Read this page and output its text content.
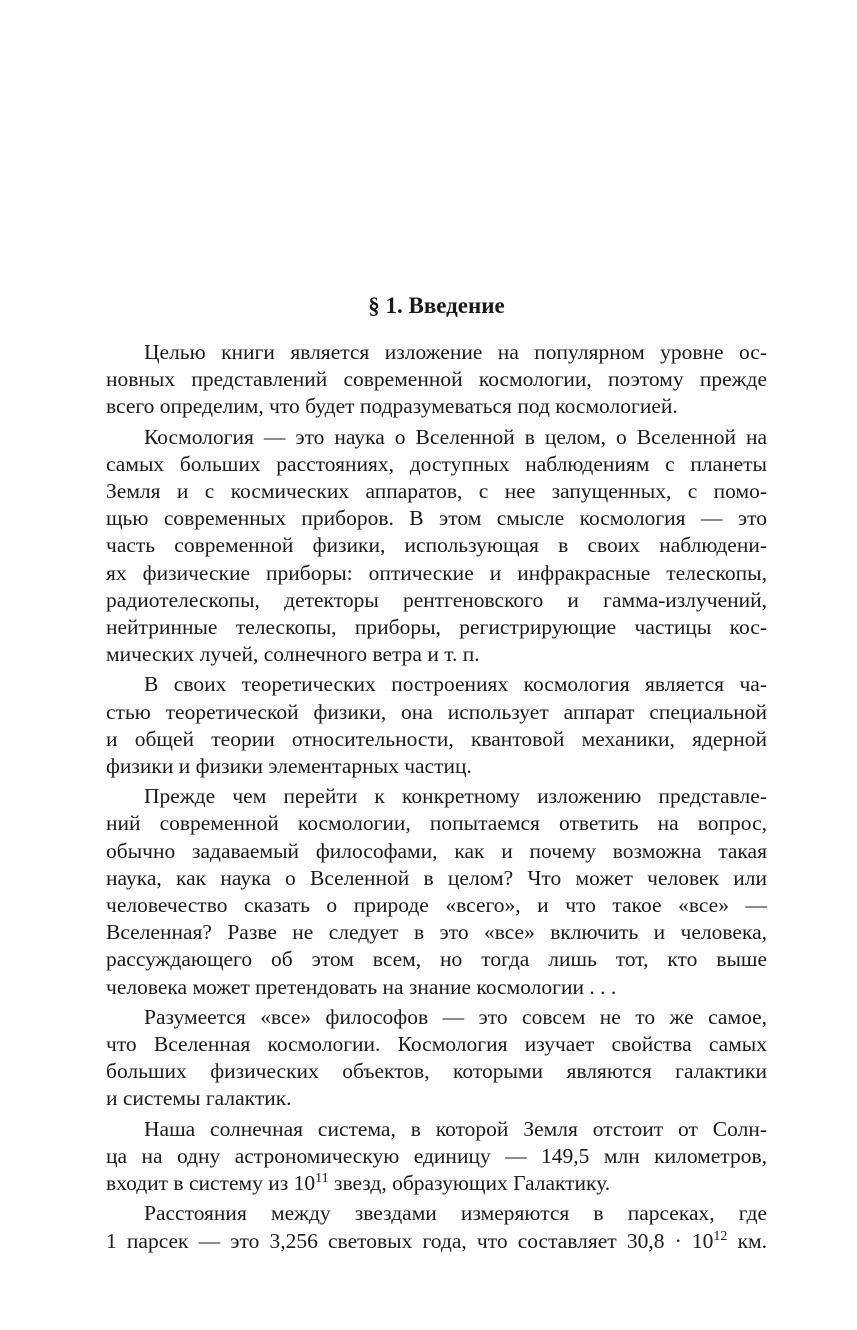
§ 1. Введение
Целью книги является изложение на популярном уровне ос-
новных представлений современной космологии, поэтому прежде
всего определим, что будет подразумеваться под космологией.
Космология — это наука о Вселенной в целом, о Вселенной на
самых больших расстояниях, доступных наблюдениям с планеты
Земля и с космических аппаратов, с нее запущенных, с помо-
щью современных приборов. В этом смысле космология — это
часть современной физики, использующая в своих наблюдени-
ях физические приборы: оптические и инфракрасные телескопы,
радиотелескопы, детекторы рентгеновского и гамма-излучений,
нейтринные телескопы, приборы, регистрирующие частицы кос-
мических лучей, солнечного ветра и т. п.
В своих теоретических построениях космология является ча-
стью теоретической физики, она использует аппарат специальной
и общей теории относительности, квантовой механики, ядерной
физики и физики элементарных частиц.
Прежде чем перейти к конкретному изложению представле-
ний современной космологии, попытаемся ответить на вопрос,
обычно задаваемый философами, как и почему возможна такая
наука, как наука о Вселенной в целом? Что может человек или
человечество сказать о природе «всего», и что такое «все» —
Вселенная? Разве не следует в это «все» включить и человека,
рассуждающего об этом всем, но тогда лишь тот, кто выше
человека может претендовать на знание космологии . . .
Разумеется «все» философов — это совсем не то же самое,
что Вселенная космологии. Космология изучает свойства самых
больших физических объектов, которыми являются галактики
и системы галактик.
Наша солнечная система, в которой Земля отстоит от Солн-
ца на одну астрономическую единицу — 149,5 млн километров,
входит в систему из $10^{11}$ звезд, образующих Галактику.
Расстояния между звездами измеряются в парсеках, где
1 парсек — это 3,256 световых года, что составляет $30,8 \cdot 10^{12}$ км.
